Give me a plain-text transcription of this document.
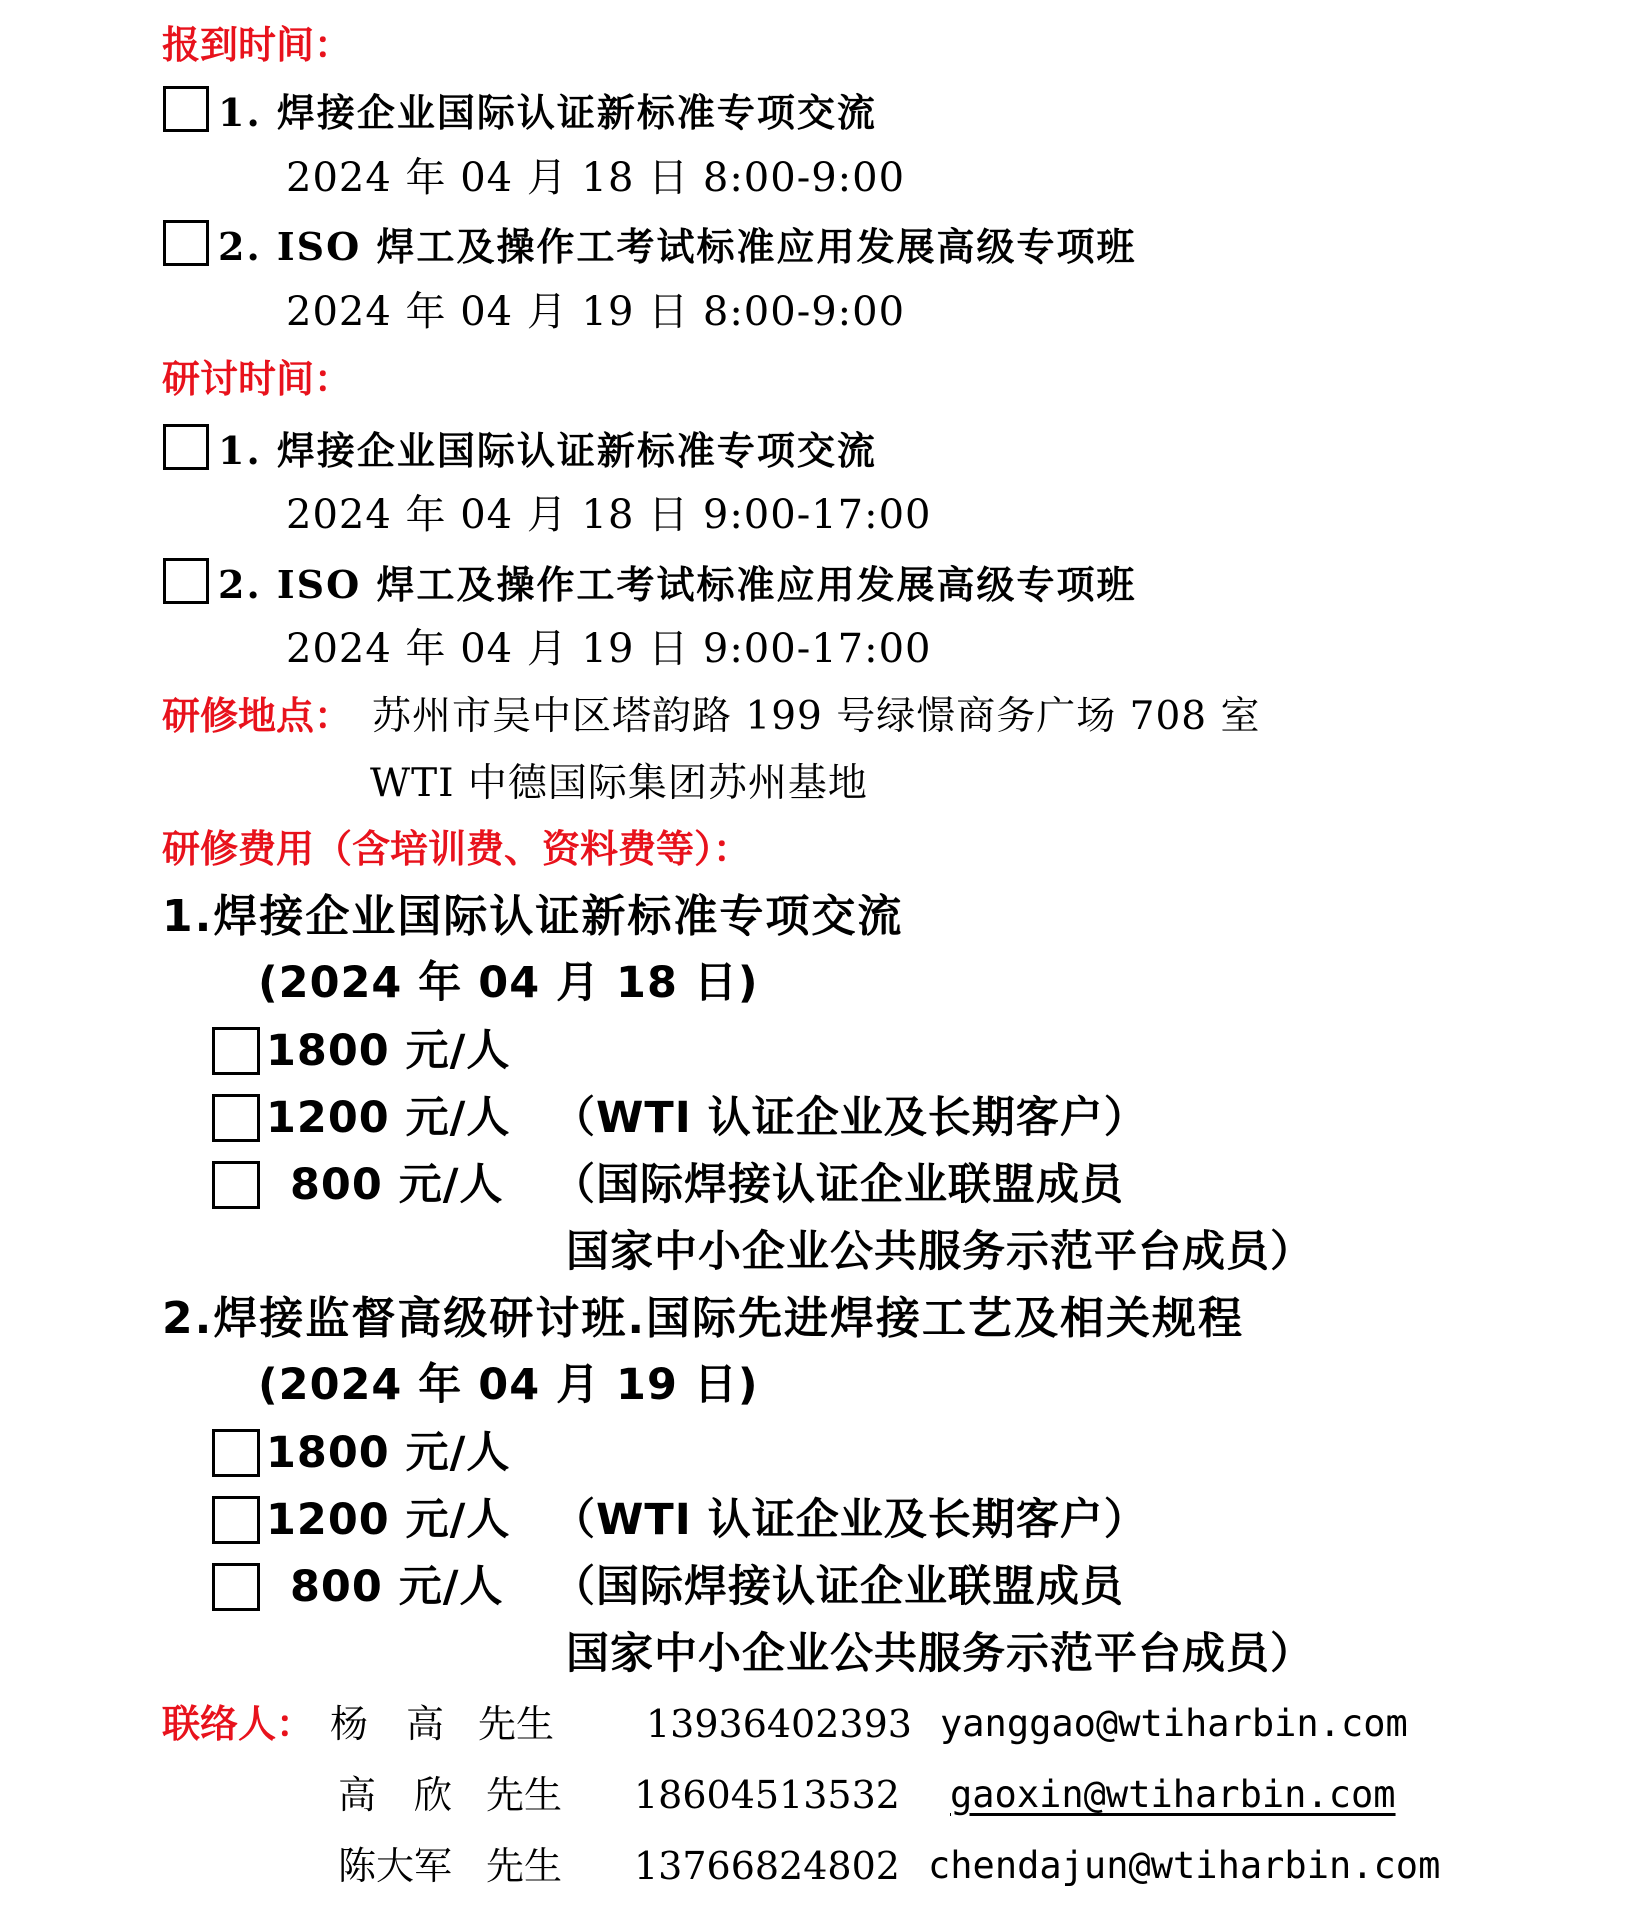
报到时间：
1. 焊接企业国际认证新标准专项交流
2024 年 04 月 18 日 8:00-9:00
2. ISO 焊工及操作工考试标准应用发展高级专项班
2024 年 04 月 19 日 8:00-9:00
研讨时间：
1. 焊接企业国际认证新标准专项交流
2024 年 04 月 18 日 9:00-17:00
2. ISO 焊工及操作工考试标准应用发展高级专项班
2024 年 04 月 19 日 9:00-17:00
研修地点： 苏州市吴中区塔韵路 199 号绿憬商务广场 708 室
WTI 中德国际集团苏州基地
研修费用（含培训费、资料费等）：
1.焊接企业国际认证新标准专项交流
(2024 年 04 月 18 日)
1800 元/人
1200 元/人 （WTI 认证企业及长期客户）
800 元/人 （国际焊接认证企业联盟成员
国家中小企业公共服务示范平台成员）
2.焊接监督高级研讨班.国际先进焊接工艺及相关规程
(2024 年 04 月 19 日)
1800 元/人
1200 元/人 （WTI 认证企业及长期客户）
800 元/人 （国际焊接认证企业联盟成员
国家中小企业公共服务示范平台成员）
联络人： 杨　高 先生 13936402393 yanggao@wtiharbin.com
高　欣 先生 18604513532 gaoxin@wtiharbin.com
陈大军 先生 13766824802 chendajun@wtiharbin.com
